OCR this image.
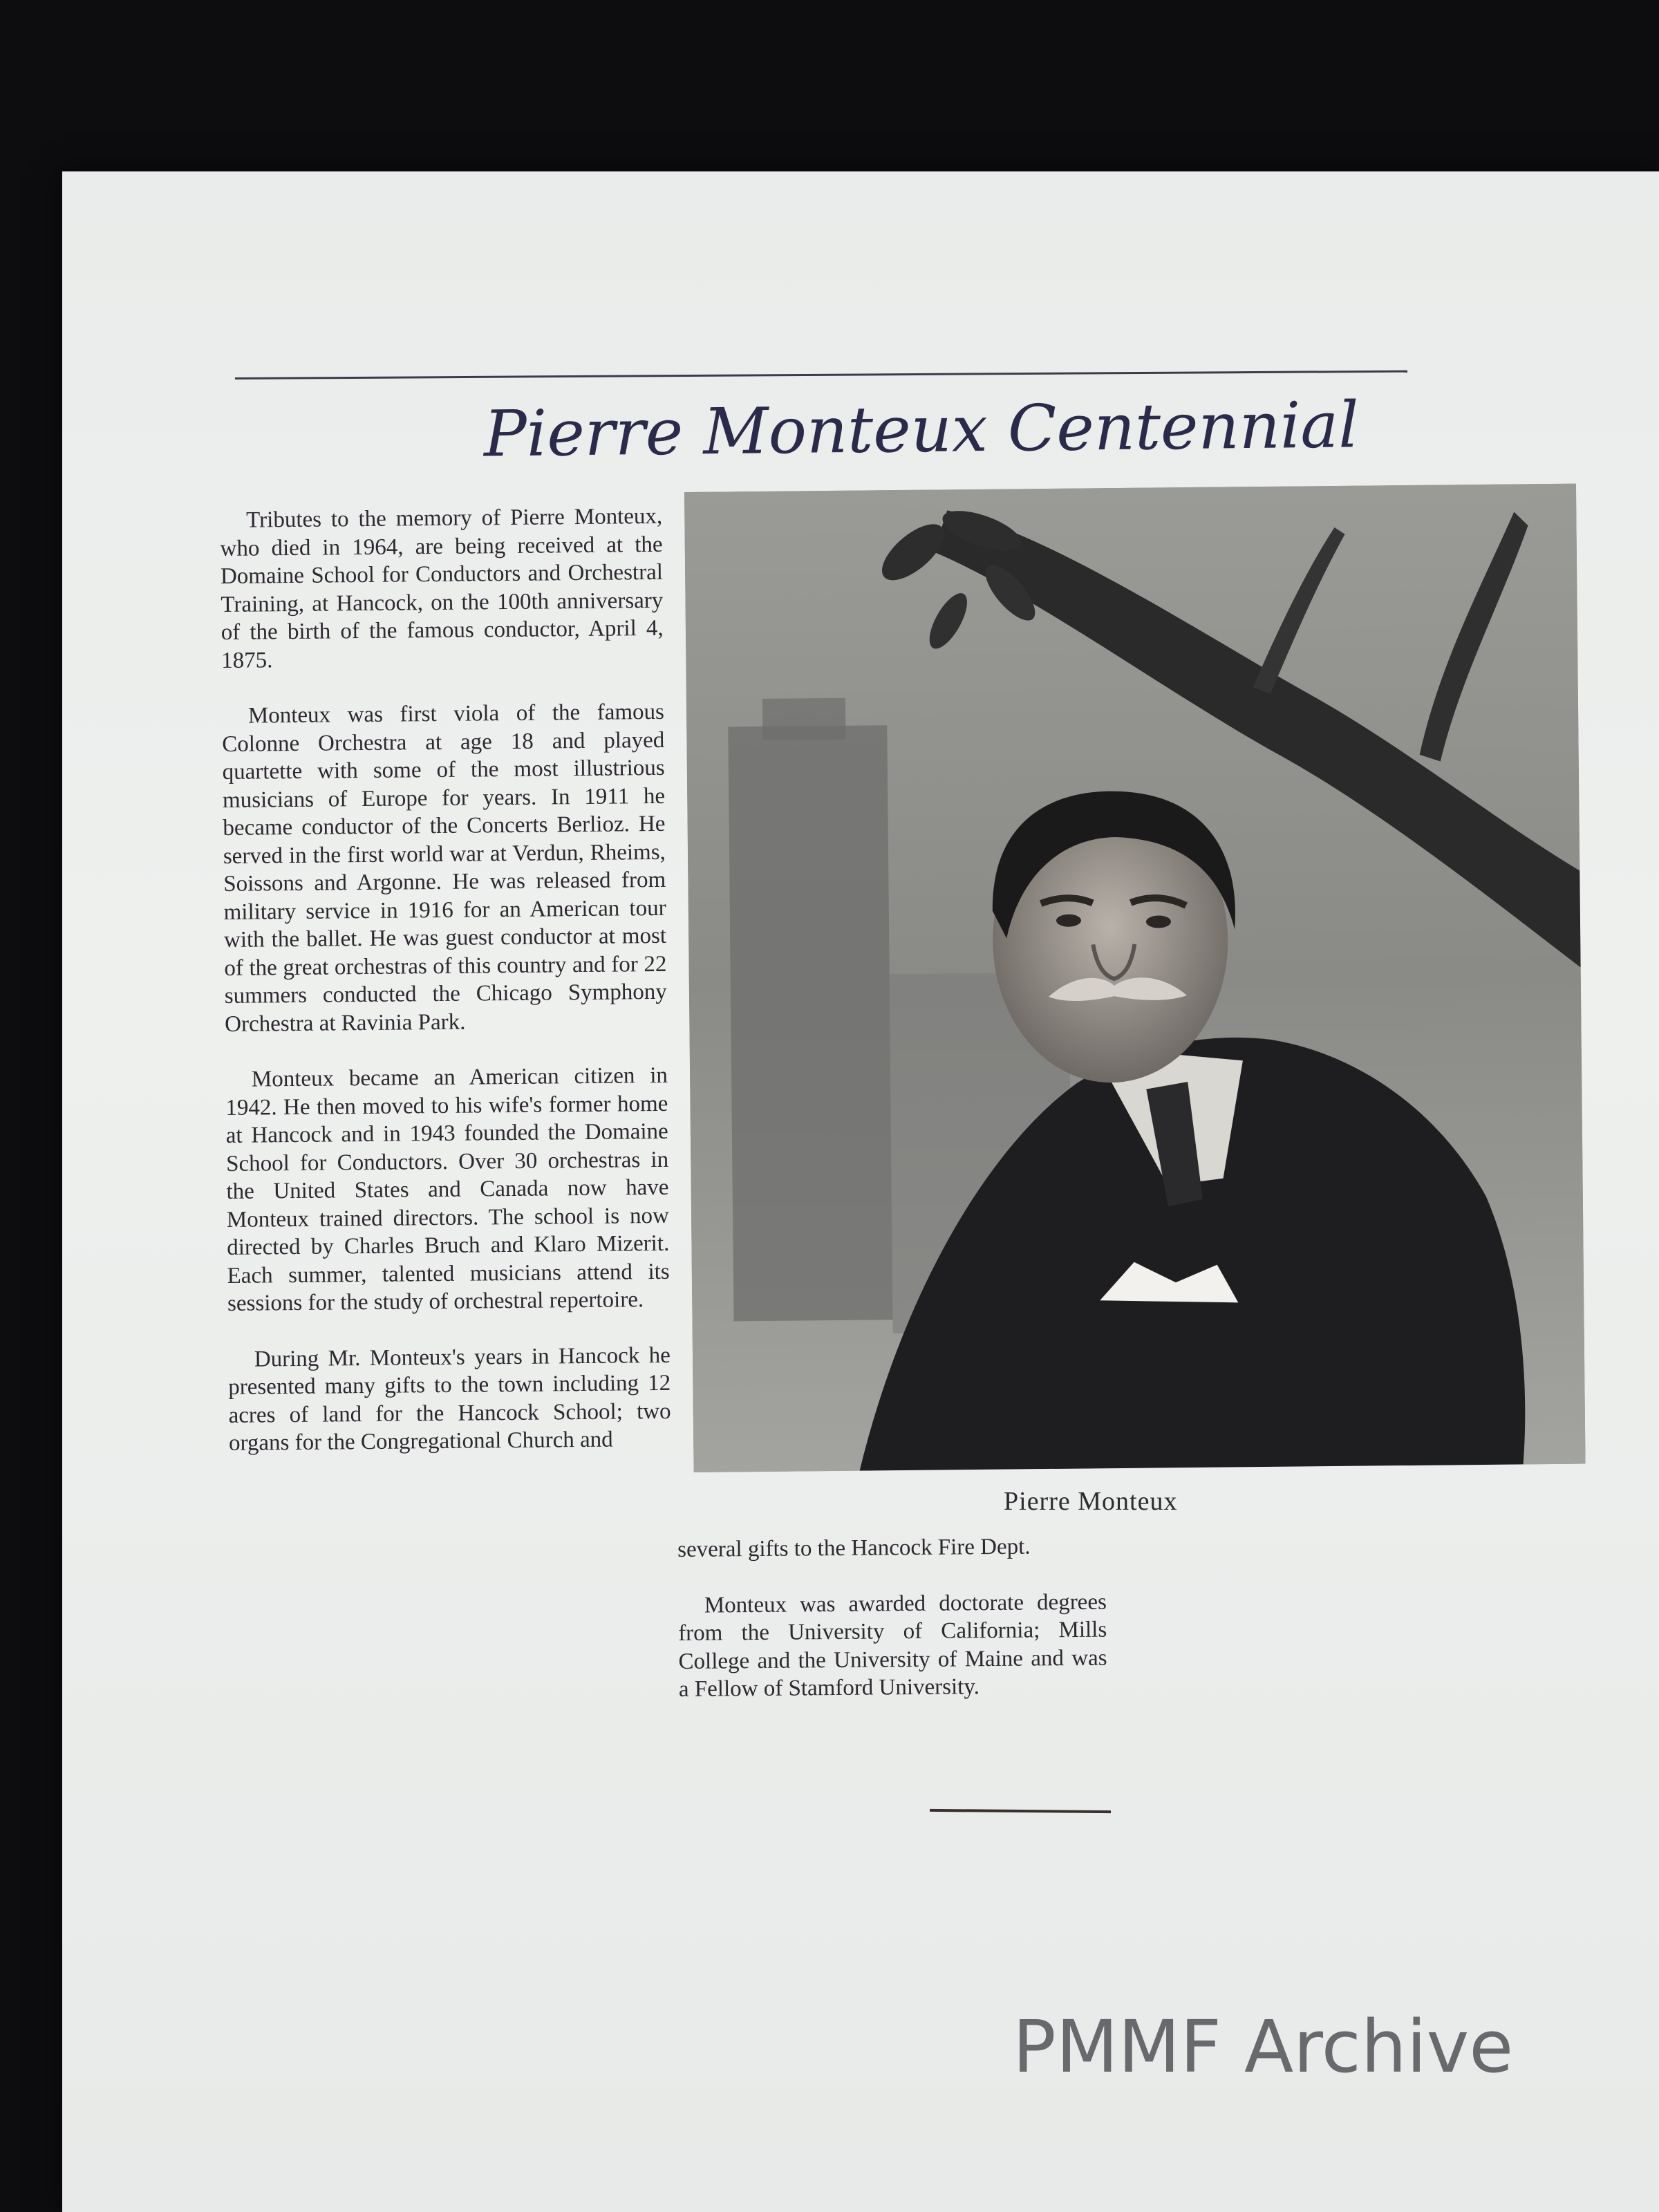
Pierre Monteux Centennial

Tributes to the memory of Pierre Monteux, who died in 1964, are being received at the Domaine School for Conductors and Orchestral Training, at Hancock, on the 100th anniversary of the birth of the famous conductor, April 4, 1875.

Monteux was first viola of the famous Colonne Orchestra at age 18 and played quartette with some of the most illustrious musicians of Europe for years. In 1911 he became conductor of the Concerts Berlioz. He served in the first world war at Verdun, Rheims, Soissons and Argonne. He was released from military service in 1916 for an American tour with the ballet. He was guest conductor at most of the great orchestras of this country and for 22 summers conducted the Chicago Symphony Orchestra at Ravinia Park.

Monteux became an American citizen in 1942. He then moved to his wife's former home at Hancock and in 1943 founded the Domaine School for Conductors. Over 30 orchestras in the United States and Canada now have Monteux trained directors. The school is now directed by Charles Bruch and Klaro Mizerit. Each summer, talented musicians attend its sessions for the study of orchestral repertoire.

During Mr. Monteux's years in Hancock he presented many gifts to the town including 12 acres of land for the Hancock School; two organs for the Congregational Church and

Pierre Monteux

several gifts to the Hancock Fire Dept.

Monteux was awarded doctorate degrees from the University of California; Mills College and the University of Maine and was a Fellow of Stamford University.

PMMF Archive
